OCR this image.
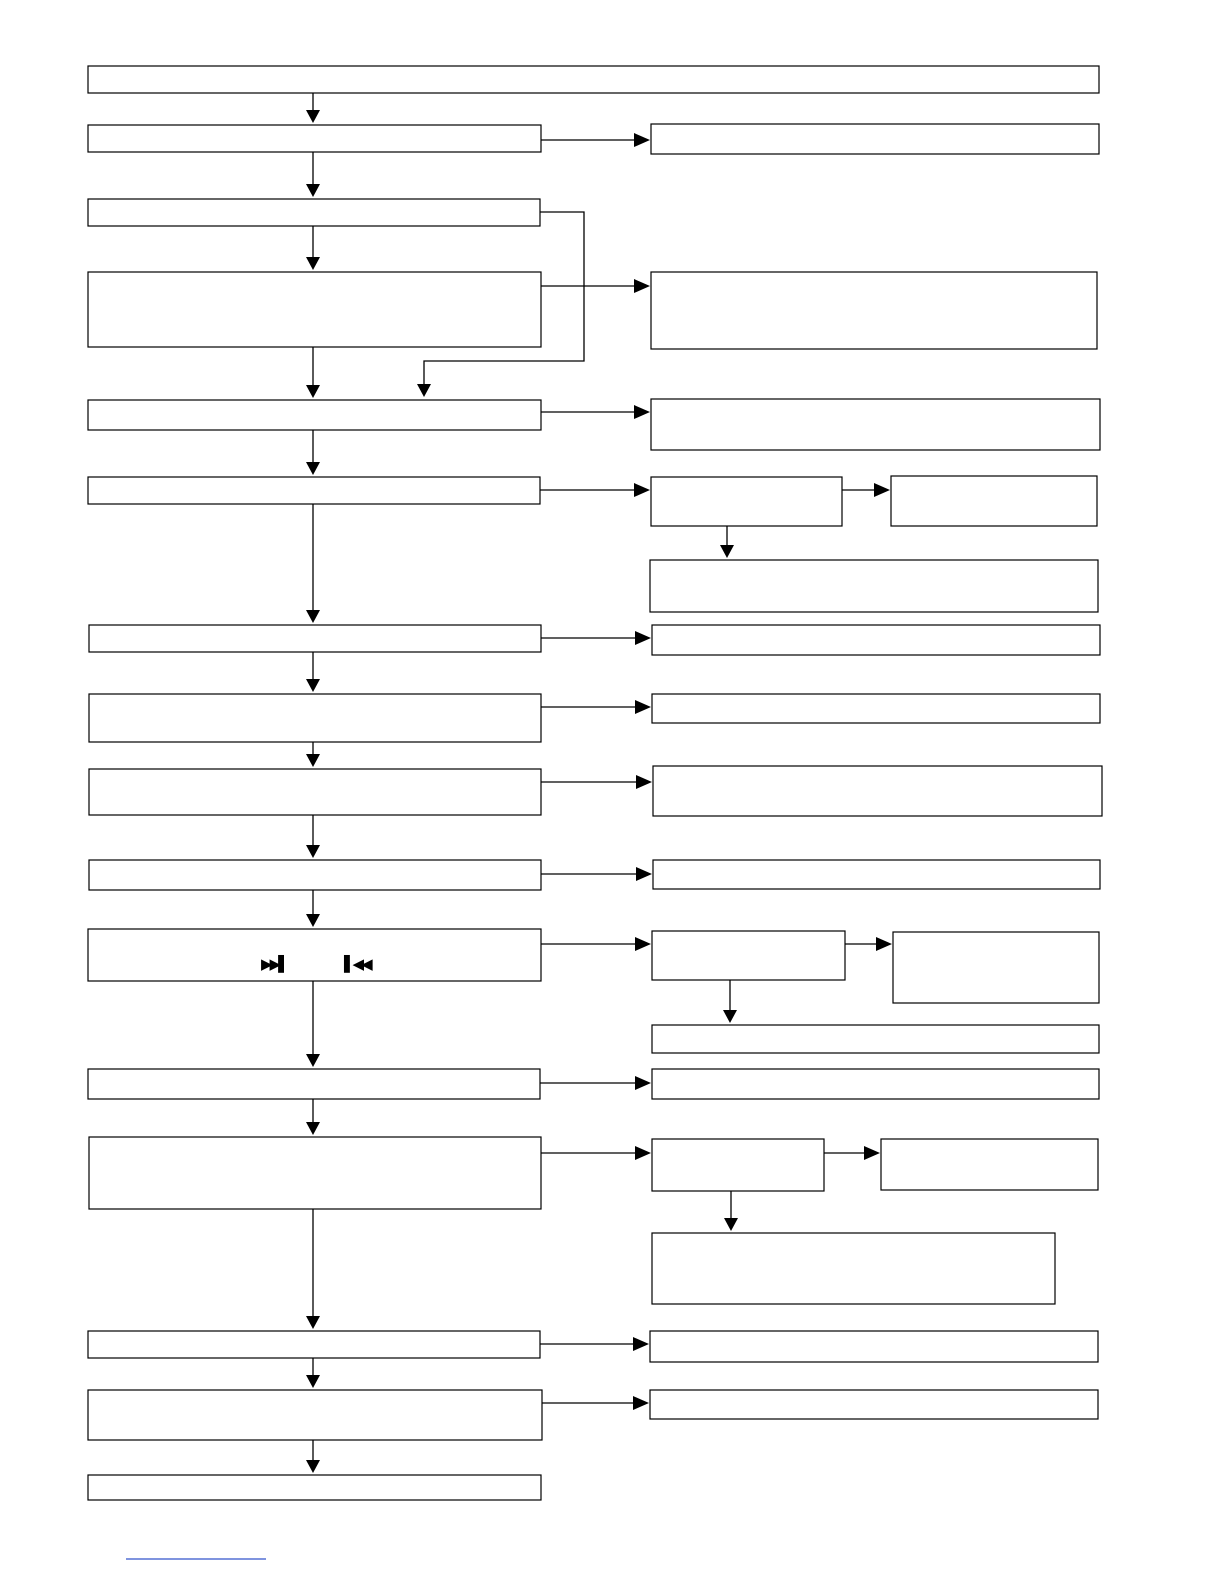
▶▶▌	▌◀◀
